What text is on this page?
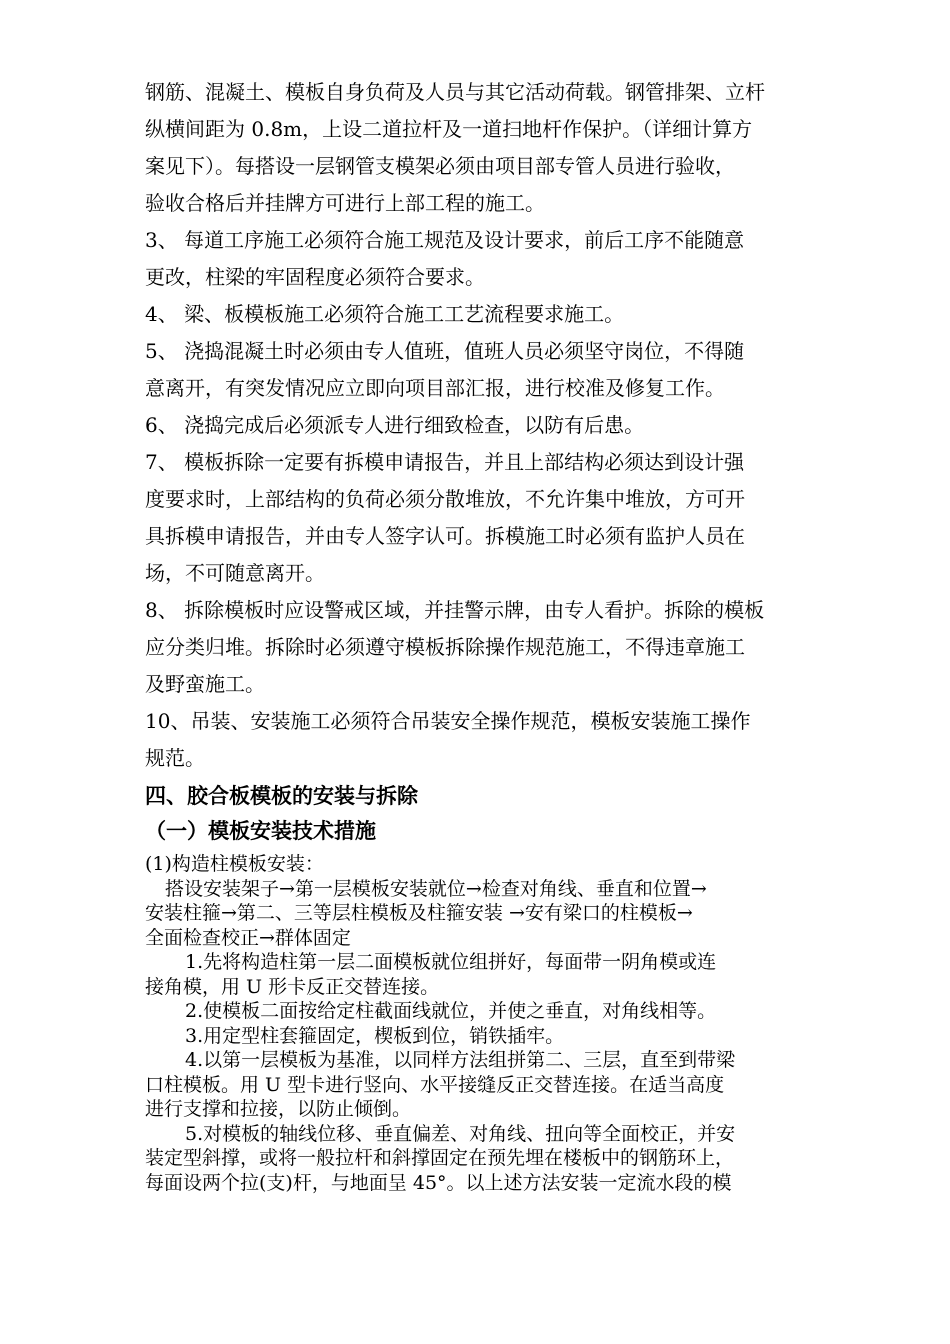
钢筋、混凝土、模板自身负荷及人员与其它活动荷载。钢管排架、立杆
纵横间距为 0.8m，上设二道拉杆及一道扫地杆作保护。（详细计算方
案见下）。每搭设一层钢管支模架必须由项目部专管人员进行验收，
验收合格后并挂牌方可进行上部工程的施工。
3、 每道工序施工必须符合施工规范及设计要求，前后工序不能随意
更改，柱梁的牢固程度必须符合要求。
4、 梁、板模板施工必须符合施工工艺流程要求施工。
5、 浇捣混凝土时必须由专人值班，值班人员必须坚守岗位，不得随
意离开，有突发情况应立即向项目部汇报，进行校准及修复工作。
6、 浇捣完成后必须派专人进行细致检查，以防有后患。
7、 模板拆除一定要有拆模申请报告，并且上部结构必须达到设计强
度要求时，上部结构的负荷必须分散堆放，不允许集中堆放，方可开
具拆模申请报告，并由专人签字认可。拆模施工时必须有监护人员在
场，不可随意离开。
8、 拆除模板时应设警戒区域，并挂警示牌，由专人看护。拆除的模板
应分类归堆。拆除时必须遵守模板拆除操作规范施工，不得违章施工
及野蛮施工。
10、吊装、安装施工必须符合吊装安全操作规范，模板安装施工操作
规范。
四、胶合板模板的安装与拆除
（一）模板安装技术措施
(1)构造柱模板安装：
搭设安装架子→第一层模板安装就位→检查对角线、垂直和位置→
安装柱箍→第二、三等层柱模板及柱箍安装 →安有梁口的柱模板→
全面检查校正→群体固定
1.先将构造柱第一层二面模板就位组拼好，每面带一阴角模或连
接角模，用 U 形卡反正交替连接。
2.使模板二面按给定柱截面线就位，并使之垂直，对角线相等。
3.用定型柱套箍固定，楔板到位，销铁插牢。
4.以第一层模板为基准，以同样方法组拼第二、三层，直至到带梁
口柱模板。用 U 型卡进行竖向、水平接缝反正交替连接。在适当高度
进行支撑和拉接，以防止倾倒。
5.对模板的轴线位移、垂直偏差、对角线、扭向等全面校正，并安
装定型斜撑，或将一般拉杆和斜撑固定在预先埋在楼板中的钢筋环上，
每面设两个拉(支)杆，与地面呈 45°。以上述方法安装一定流水段的模
